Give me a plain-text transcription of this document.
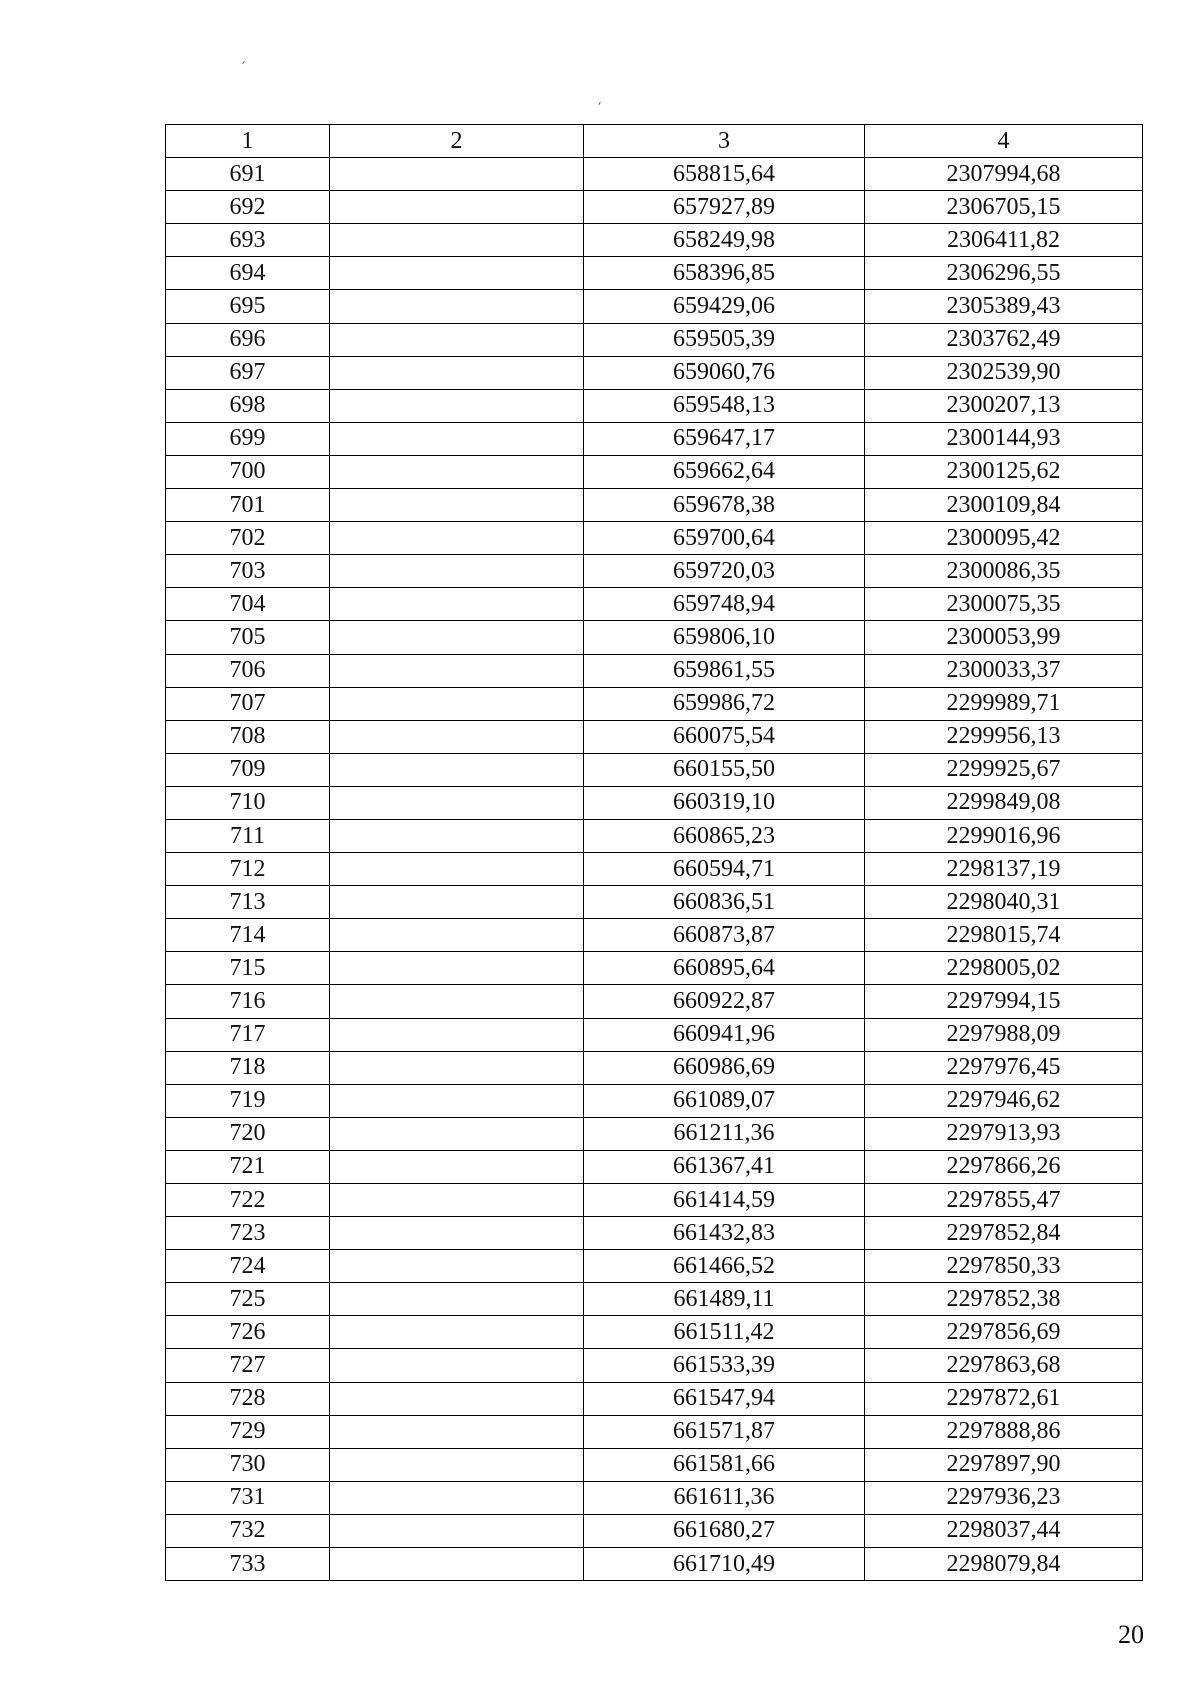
1	2	3	4
691		658815,64	2307994,68
692		657927,89	2306705,15
693		658249,98	2306411,82
694		658396,85	2306296,55
695		659429,06	2305389,43
696		659505,39	2303762,49
697		659060,76	2302539,90
698		659548,13	2300207,13
699		659647,17	2300144,93
700		659662,64	2300125,62
701		659678,38	2300109,84
702		659700,64	2300095,42
703		659720,03	2300086,35
704		659748,94	2300075,35
705		659806,10	2300053,99
706		659861,55	2300033,37
707		659986,72	2299989,71
708		660075,54	2299956,13
709		660155,50	2299925,67
710		660319,10	2299849,08
711		660865,23	2299016,96
712		660594,71	2298137,19
713		660836,51	2298040,31
714		660873,87	2298015,74
715		660895,64	2298005,02
716		660922,87	2297994,15
717		660941,96	2297988,09
718		660986,69	2297976,45
719		661089,07	2297946,62
720		661211,36	2297913,93
721		661367,41	2297866,26
722		661414,59	2297855,47
723		661432,83	2297852,84
724		661466,52	2297850,33
725		661489,11	2297852,38
726		661511,42	2297856,69
727		661533,39	2297863,68
728		661547,94	2297872,61
729		661571,87	2297888,86
730		661581,66	2297897,90
731		661611,36	2297936,23
732		661680,27	2298037,44
733		661710,49	2298079,84
20
